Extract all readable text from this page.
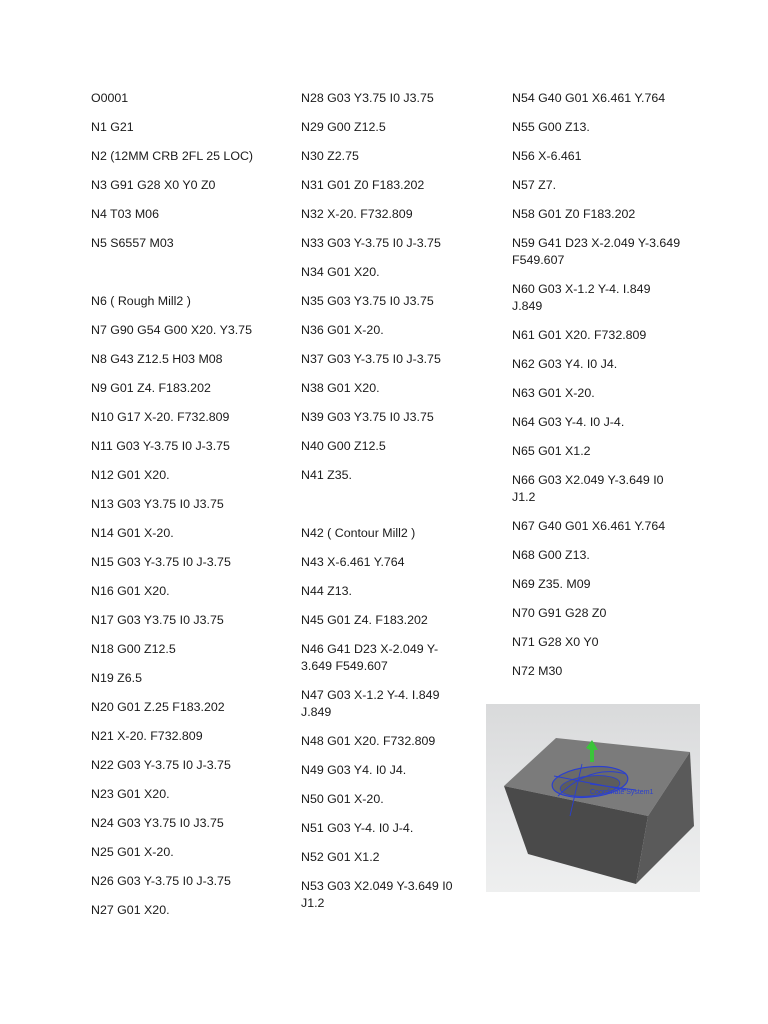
O0001
N1 G21
N2 (12MM CRB 2FL 25 LOC)
N3 G91 G28 X0 Y0 Z0
N4 T03 M06
N5 S6557 M03
N6 ( Rough Mill2 )
N7 G90 G54 G00 X20. Y3.75
N8 G43 Z12.5 H03 M08
N9 G01 Z4. F183.202
N10 G17 X-20. F732.809
N11 G03 Y-3.75 I0 J-3.75
N12 G01 X20.
N13 G03 Y3.75 I0 J3.75
N14 G01 X-20.
N15 G03 Y-3.75 I0 J-3.75
N16 G01 X20.
N17 G03 Y3.75 I0 J3.75
N18 G00 Z12.5
N19 Z6.5
N20 G01 Z.25 F183.202
N21 X-20. F732.809
N22 G03 Y-3.75 I0 J-3.75
N23 G01 X20.
N24 G03 Y3.75 I0 J3.75
N25 G01 X-20.
N26 G03 Y-3.75 I0 J-3.75
N27 G01 X20.
N28 G03 Y3.75 I0 J3.75
N29 G00 Z12.5
N30 Z2.75
N31 G01 Z0 F183.202
N32 X-20. F732.809
N33 G03 Y-3.75 I0 J-3.75
N34 G01 X20.
N35 G03 Y3.75 I0 J3.75
N36 G01 X-20.
N37 G03 Y-3.75 I0 J-3.75
N38 G01 X20.
N39 G03 Y3.75 I0 J3.75
N40 G00 Z12.5
N41 Z35.
N42 ( Contour Mill2 )
N43 X-6.461 Y.764
N44 Z13.
N45 G01 Z4. F183.202
N46 G41 D23 X-2.049 Y-3.649 F549.607
N47 G03 X-1.2 Y-4. I.849 J.849
N48 G01 X20. F732.809
N49 G03 Y4. I0 J4.
N50 G01 X-20.
N51 G03 Y-4. I0 J-4.
N52 G01 X1.2
N53 G03 X2.049 Y-3.649 I0 J1.2
N54 G40 G01 X6.461 Y.764
N55 G00 Z13.
N56 X-6.461
N57 Z7.
N58 G01 Z0 F183.202
N59 G41 D23 X-2.049 Y-3.649 F549.607
N60 G03 X-1.2 Y-4. I.849 J.849
N61 G01 X20. F732.809
N62 G03 Y4. I0 J4.
N63 G01 X-20.
N64 G03 Y-4. I0 J-4.
N65 G01 X1.2
N66 G03 X2.049 Y-3.649 I0 J1.2
N67 G40 G01 X6.461 Y.764
N68 G00 Z13.
N69 Z35. M09
N70 G91 G28 Z0
N71 G28 X0 Y0
N72 M30
Coordinate System1
